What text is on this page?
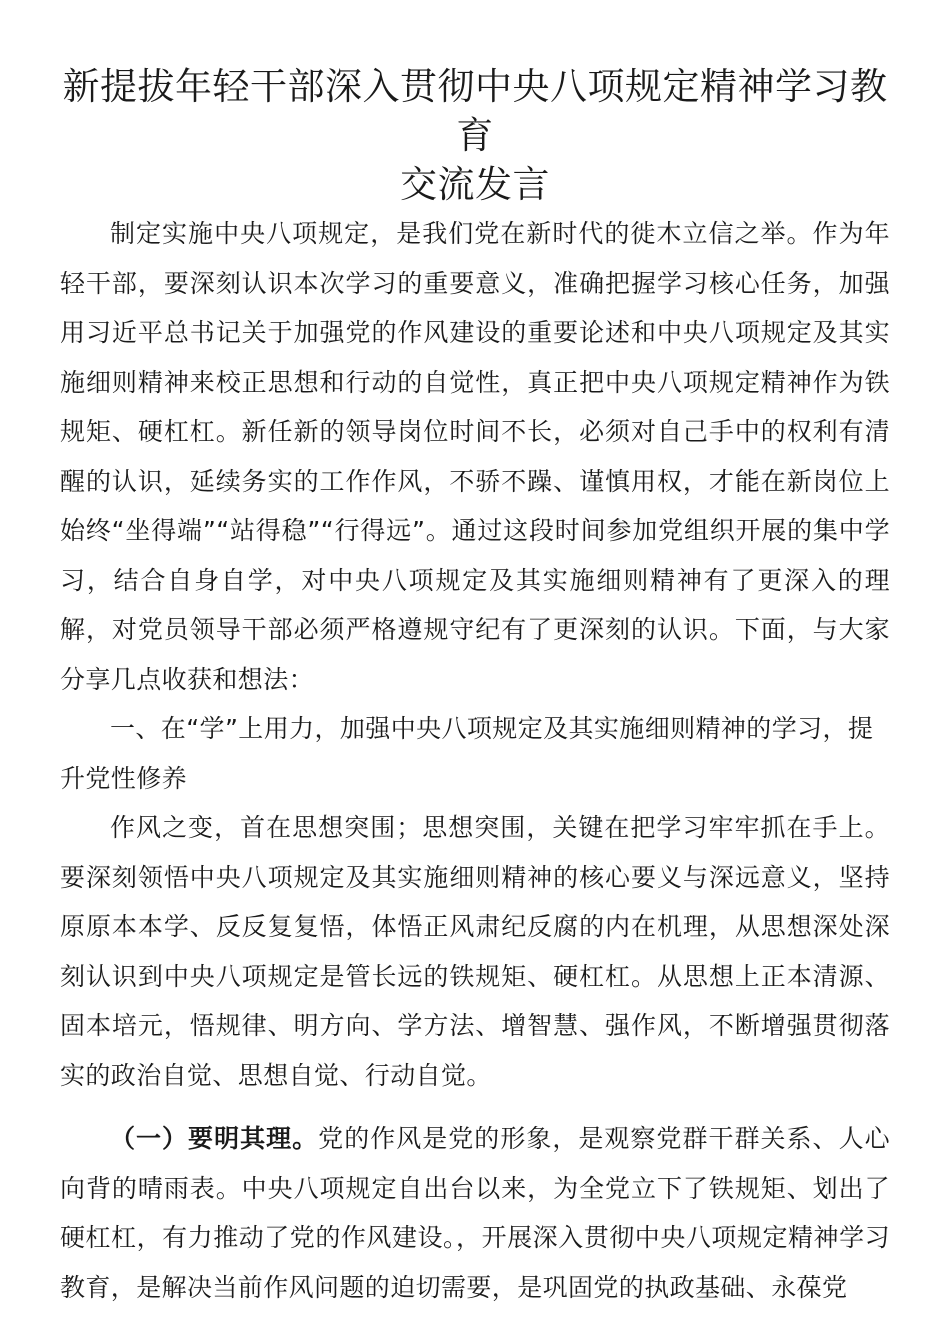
新提拔年轻干部深入贯彻中央八项规定精神学习教育
交流发言

制定实施中央八项规定，是我们党在新时代的徙木立信之举。作为年轻干部，要深刻认识本次学习的重要意义，准确把握学习核心任务，加强用习近平总书记关于加强党的作风建设的重要论述和中央八项规定及其实施细则精神来校正思想和行动的自觉性，真正把中央八项规定精神作为铁规矩、硬杠杠。新任新的领导岗位时间不长，必须对自己手中的权利有清醒的认识，延续务实的工作作风，不骄不躁、谨慎用权，才能在新岗位上始终“坐得端”“站得稳”“行得远”。通过这段时间参加党组织开展的集中学习，结合自身自学，对中央八项规定及其实施细则精神有了更深入的理解，对党员领导干部必须严格遵规守纪有了更深刻的认识。下面，与大家分享几点收获和想法：

一、在“学”上用力，加强中央八项规定及其实施细则精神的学习，提升党性修养

作风之变，首在思想突围；思想突围，关键在把学习牢牢抓在手上。要深刻领悟中央八项规定及其实施细则精神的核心要义与深远意义，坚持原原本本学、反反复复悟，体悟正风肃纪反腐的内在机理，从思想深处深刻认识到中央八项规定是管长远的铁规矩、硬杠杠。从思想上正本清源、固本培元，悟规律、明方向、学方法、增智慧、强作风，不断增强贯彻落实的政治自觉、思想自觉、行动自觉。

（一）要明其理。党的作风是党的形象，是观察党群干群关系、人心向背的晴雨表。中央八项规定自出台以来，为全党立下了铁规矩、划出了硬杠杠，有力推动了党的作风建设。，开展深入贯彻中央八项规定精神学习教育，是解决当前作风问题的迫切需要，是巩固党的执政基础、永葆党
